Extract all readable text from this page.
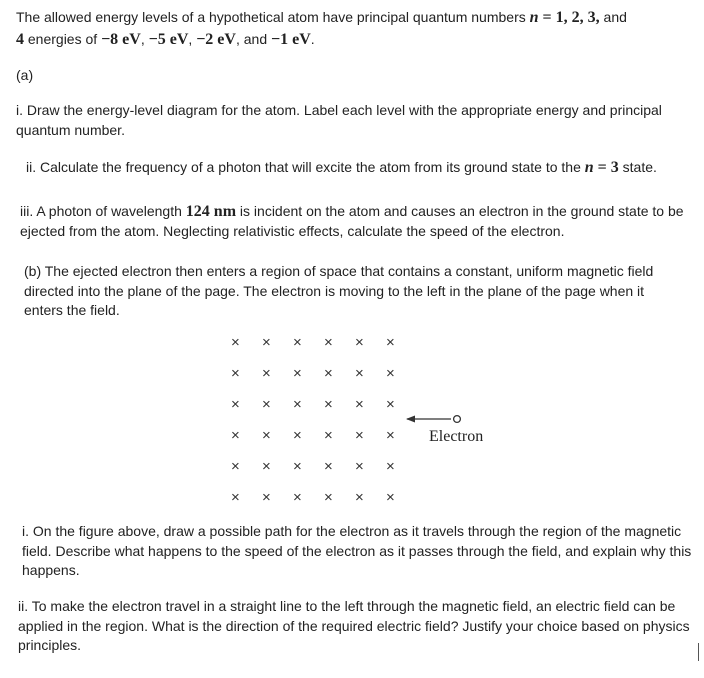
The allowed energy levels of a hypothetical atom have principal quantum numbers n = 1, 2, 3, and
4 energies of −8 eV, −5 eV, −2 eV, and −1 eV.
(a)
i. Draw the energy-level diagram for the atom. Label each level with the appropriate energy and principal quantum number.
ii. Calculate the frequency of a photon that will excite the atom from its ground state to the n = 3 state.
iii. A photon of wavelength 124 nm is incident on the atom and causes an electron in the ground state to be ejected from the atom. Neglecting relativistic effects, calculate the speed of the electron.
(b) The ejected electron then enters a region of space that contains a constant, uniform magnetic field directed into the plane of the page. The electron is moving to the left in the plane of the page when it enters the field.
Electron
× × × × × ×
× × × × × ×
× × × × × ×
× × × × × ×
× × × × × ×
× × × × × ×
i. On the figure above, draw a possible path for the electron as it travels through the region of the magnetic field. Describe what happens to the speed of the electron as it passes through the field, and explain why this happens.
ii. To make the electron travel in a straight line to the left through the magnetic field, an electric field can be applied in the region. What is the direction of the required electric field? Justify your choice based on physics principles.
